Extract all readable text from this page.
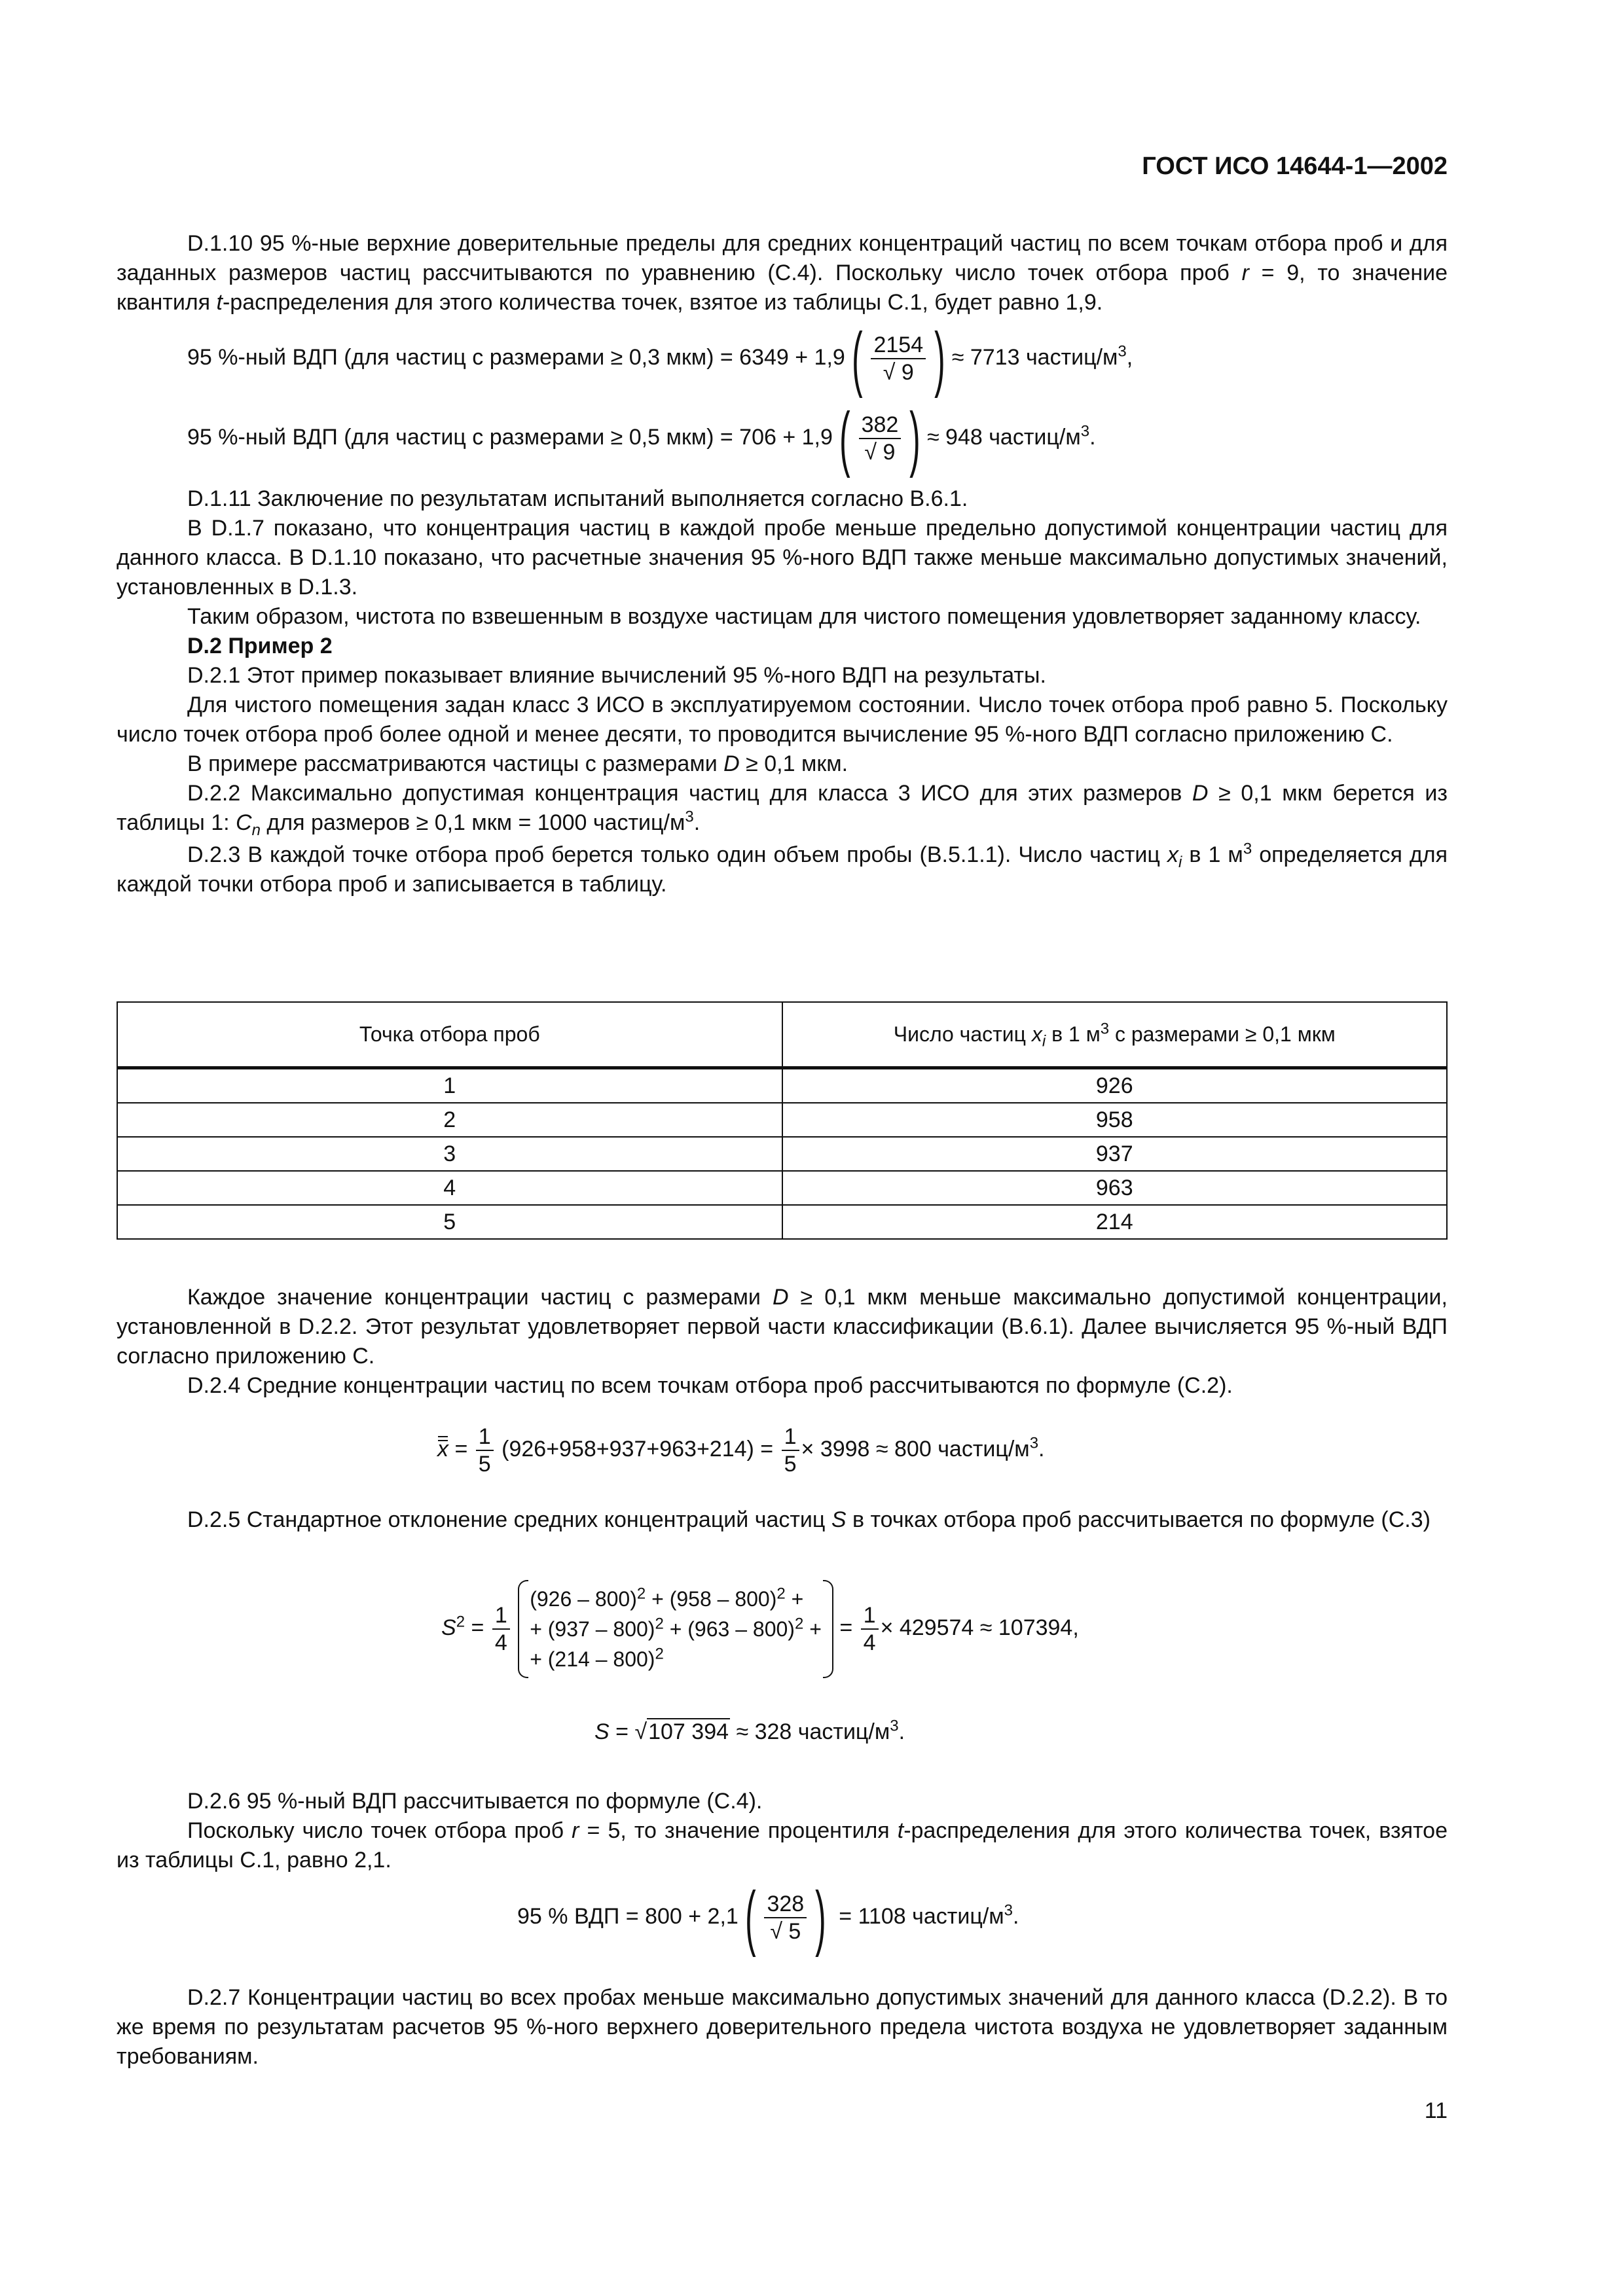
ГОСТ ИСО 14644-1—2002

D.1.10 95 %-ные верхние доверительные пределы для средних концентраций частиц по всем точкам отбора проб и для заданных размеров частиц рассчитываются по уравнению (С.4). Поскольку число точек отбора проб r = 9, то значение квантиля t-распределения для этого количества точек, взятое из таблицы С.1, будет равно 1,9.

95 %-ный ВДП (для частиц с размерами ≥ 0,3 $мкм) = 6349 + 1,9( \frac{2154}{√ 9}$ ) ≈ 7713 частиц/$м^3$,
95 %-ный ВДП (для частиц с размерами ≥ 0,5 $мкм) = 706 + 1,9( \frac{382}{√ 9}$ ) ≈ 948 частиц/$м^3$.

D.1.11 Заключение по результатам испытаний выполняется согласно В.6.1.

В D.1.7 показано, что концентрация частиц в каждой пробе меньше предельно допустимой концентрации частиц для данного класса. В D.1.10 показано, что расчетные значения 95 %-ного ВДП также меньше максимально допустимых значений, установленных в D.1.3.

Таким образом, чистота по взвешенным в воздухе частицам для чистого помещения удовлетворяет заданному классу.

D.2 Пример 2

D.2.1 Этот пример показывает влияние вычислений 95 %-ного ВДП на результаты.

Для чистого помещения задан класс 3 ИСО в эксплуатируемом состоянии. Число точек отбора проб равно 5. Поскольку число точек отбора проб более одной и менее десяти, то проводится вычисление 95 %-ного ВДП согласно приложению С.

В примере рассматриваются частицы с размерами D ≥ 0,1 мкм.

D.2.2 Максимально допустимая концентрация частиц для класса 3 ИСО для этих размеров D ≥ 0,1 мкм берется из таблицы 1: $C_n$ для размеров ≥ 0,1 мкм = 1000 частиц/$м^3$.

D.2.3 В каждой точке отбора проб берется только один объем пробы (В.5.1.1). Число частиц $x_i$ в 1 $м^3$ определяется для каждой точки отбора проб и записывается в таблицу.

Точка отбора проб	Число частиц $x_i$ в 1 $м^3$ с размерами ≥ 0,1 мкм
1	926
2	958
3	937
4	963
5	214

Каждое значение концентрации частиц с размерами D ≥ 0,1 мкм меньше максимально допустимой концентрации, установленной в D.2.2. Этот результат удовлетворяет первой части классификации (В.6.1). Далее вычисляется 95 %-ный ВДП согласно приложению С.

D.2.4 Средние концентрации частиц по всем точкам отбора проб рассчитываются по формуле (С.2).

$x = \frac{1}{5} (926+958+937+963+214) = \frac{1}{5} \times 3998 \approx 800$ частиц/$м^3$.

D.2.5 Стандартное отклонение средних концентраций частиц S в точках отбора проб рассчитывается по формуле (С.3)

$S^2 = \frac{1}{4}$

(926 – 800)$^2$ + (958 – 800)$^2$ +
+ (937 – 800)$^2$ + (963 – 800)$^2$ +
+ (214 – 800)$^2$
= $\frac{1}{4} \times 429574 \approx 107394$,
S = √107 394 ≈ 328 частиц/$м^3$.

D.2.6 95 %-ный ВДП рассчитывается по формуле (С.4).

Поскольку число точек отбора проб r = 5, то значение процентиля t-распределения для этого количества точек, взятое из таблицы С.1, равно 2,1.

95 % ВДП = $800 + 2,1( \frac{328}{√ 5}$ ) = 1108 частиц/$м^3$.

D.2.7 Концентрации частиц во всех пробах меньше максимально допустимых значений для данного класса (D.2.2). В то же время по результатам расчетов 95 %-ного верхнего доверительного предела чистота воздуха не удовлетворяет заданным требованиям.

11
